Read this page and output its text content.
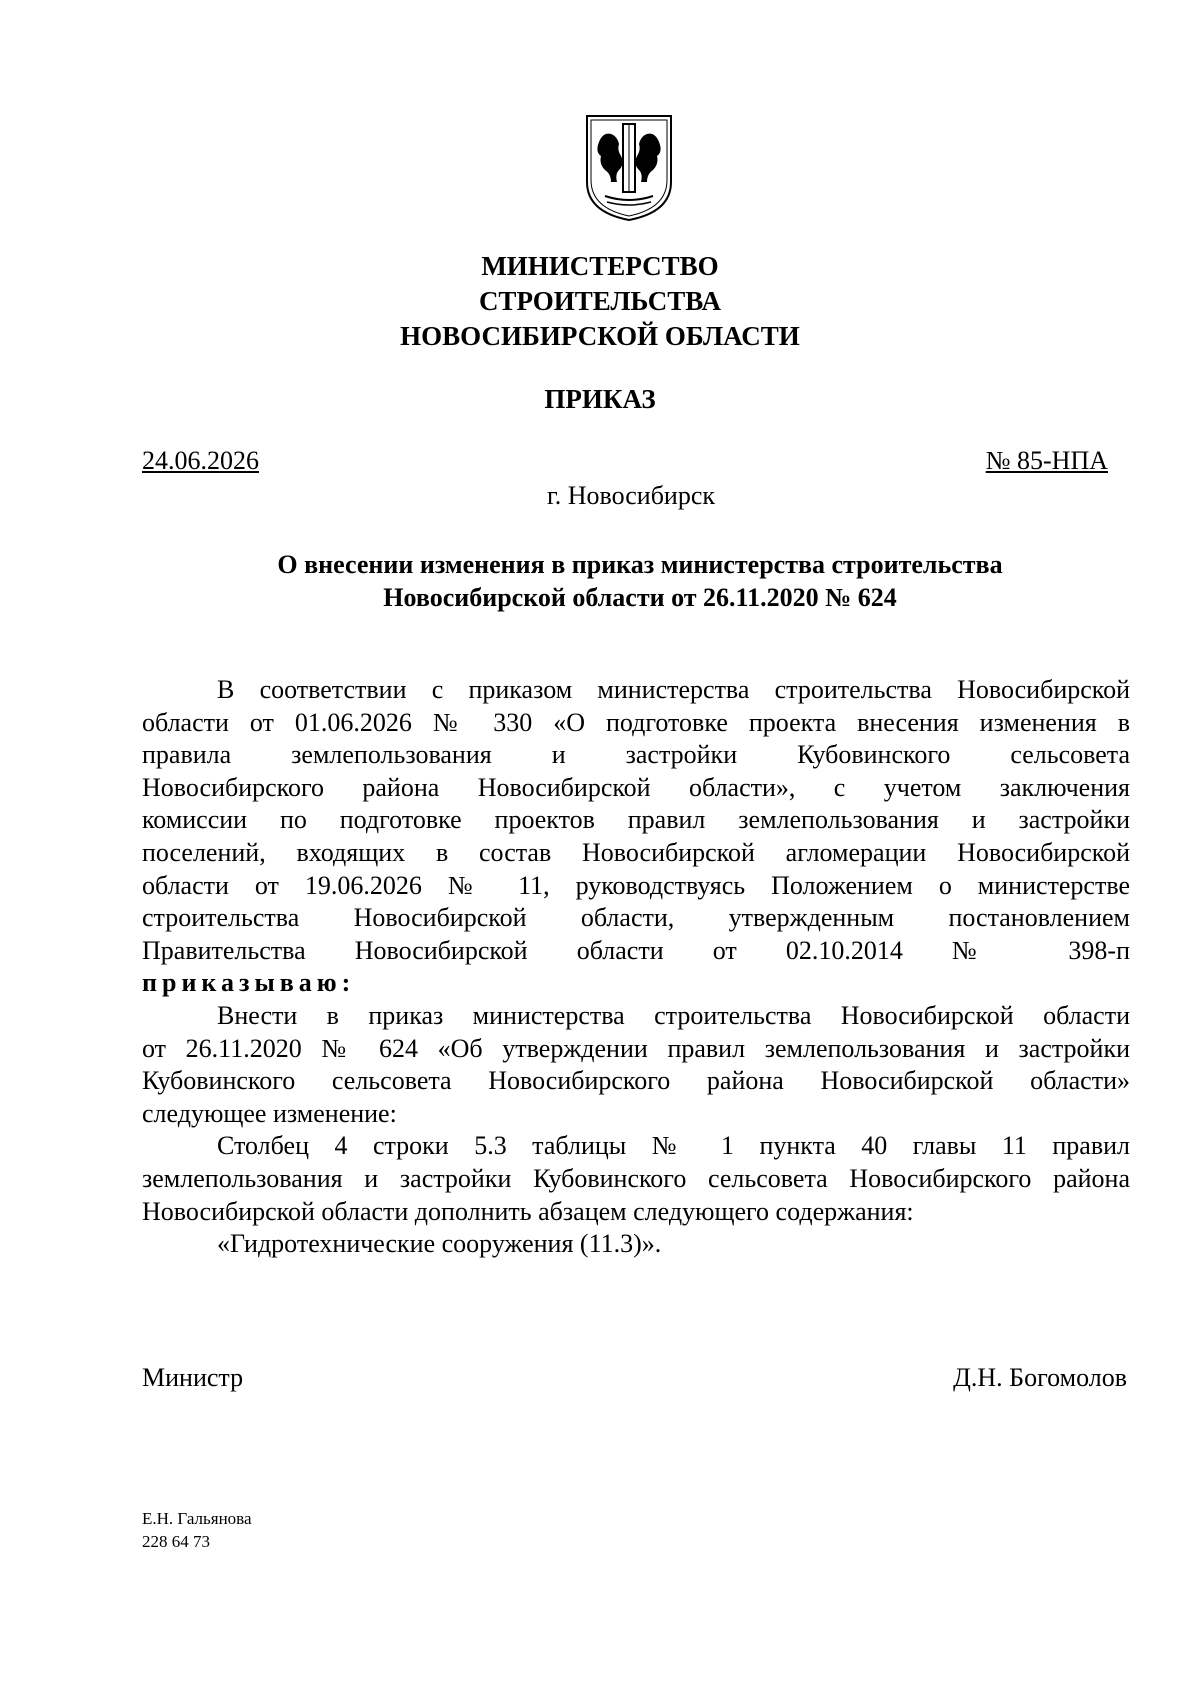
МИНИСТЕРСТВО
СТРОИТЕЛЬСТВА
НОВОСИБИРСКОЙ ОБЛАСТИ
ПРИКАЗ
24.06.2026	№ 85-НПА
г. Новосибирск
О внесении изменения в приказ министерства строительства
Новосибирской области от 26.11.2020 № 624
В соответствии с приказом министерства строительства Новосибирской
области от 01.06.2026 № 330 «О подготовке проекта внесения изменения в
правила землепользования и застройки Кубовинского сельсовета
Новосибирского района Новосибирской области», с учетом заключения
комиссии по подготовке проектов правил землепользования и застройки
поселений, входящих в состав Новосибирской агломерации Новосибирской
области от 19.06.2026 № 11, руководствуясь Положением о министерстве
строительства Новосибирской области, утвержденным постановлением
Правительства Новосибирской области от 02.10.2014 № 398-п
приказываю:
Внести в приказ министерства строительства Новосибирской области
от 26.11.2020 № 624 «Об утверждении правил землепользования и застройки
Кубовинского сельсовета Новосибирского района Новосибирской области»
следующее изменение:
Столбец 4 строки 5.3 таблицы № 1 пункта 40 главы 11 правил
землепользования и застройки Кубовинского сельсовета Новосибирского района
Новосибирской области дополнить абзацем следующего содержания:
«Гидротехнические сооружения (11.3)».
Министр	Д.Н. Богомолов
Е.Н. Гальянова
228 64 73
